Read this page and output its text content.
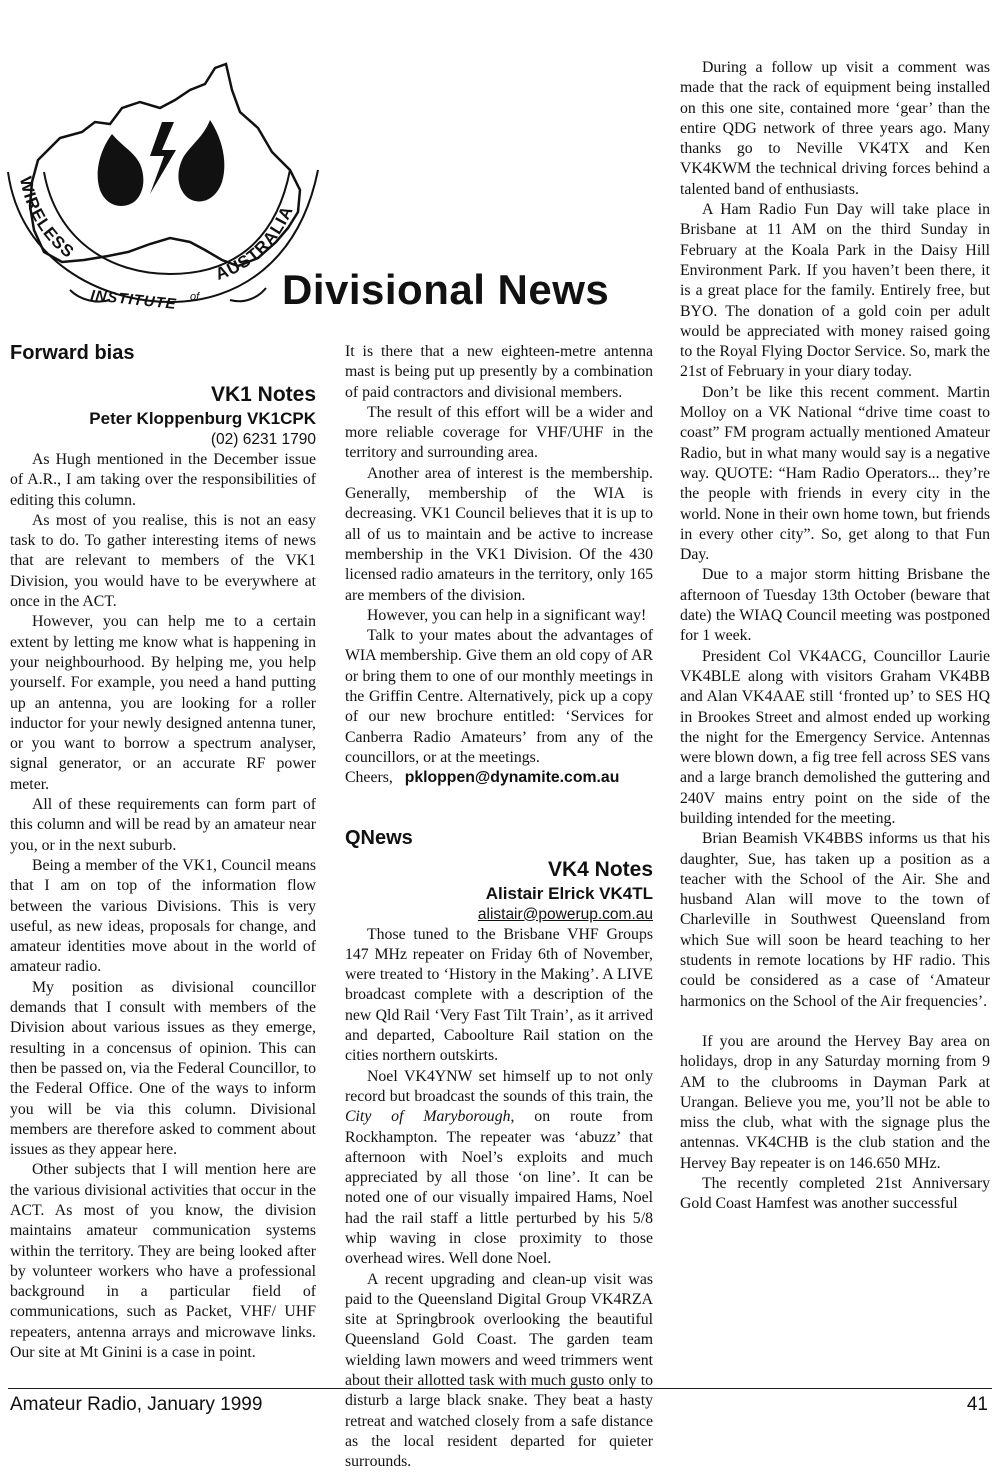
WIRELESS
AUSTRALIA
INSTITUTE of Divisional News
Forward bias
VK1 Notes
Peter Kloppenburg VK1CPK
(02) 6231 1790

As Hugh mentioned in the December issue of A.R., I am taking over the responsibilities of editing this column.

As most of you realise, this is not an easy task to do. To gather interesting items of news that are relevant to members of the VK1 Division, you would have to be everywhere at once in the ACT.

However, you can help me to a certain extent by letting me know what is happening in your neighbourhood. By helping me, you help yourself. For example, you need a hand putting up an antenna, you are looking for a roller inductor for your newly designed antenna tuner, or you want to borrow a spectrum analyser, signal generator, or an accurate RF power meter.

All of these requirements can form part of this column and will be read by an amateur near you, or in the next suburb.

Being a member of the VK1, Council means that I am on top of the information flow between the various Divisions. This is very useful, as new ideas, proposals for change, and amateur identities move about in the world of amateur radio.

My position as divisional councillor demands that I consult with members of the Division about various issues as they emerge, resulting in a concensus of opinion. This can then be passed on, via the Federal Councillor, to the Federal Office. One of the ways to inform you will be via this column. Divisional members are therefore asked to comment about issues as they appear here.

Other subjects that I will mention here are the various divisional activities that occur in the ACT. As most of you know, the division maintains amateur communication systems within the territory. They are being looked after by volunteer workers who have a professional background in a particular field of communications, such as Packet, VHF/ UHF repeaters, antenna arrays and microwave links. Our site at Mt Ginini is a case in point.

It is there that a new eighteen-metre antenna mast is being put up presently by a combination of paid contractors and divisional members.

The result of this effort will be a wider and more reliable coverage for VHF/UHF in the territory and surrounding area.

Another area of interest is the membership. Generally, membership of the WIA is decreasing. VK1 Council believes that it is up to all of us to maintain and be active to increase membership in the VK1 Division. Of the 430 licensed radio amateurs in the territory, only 165 are members of the division.

However, you can help in a significant way!

Talk to your mates about the advantages of WIA membership. Give them an old copy of AR or bring them to one of our monthly meetings in the Griffin Centre. Alternatively, pick up a copy of our new brochure entitled: ‘Services for Canberra Radio Amateurs’ from any of the councillors, or at the meetings.

Cheers, pkloppen@dynamite.com.au

QNews
VK4 Notes
Alistair Elrick VK4TL
alistair@powerup.com.au

Those tuned to the Brisbane VHF Groups 147 MHz repeater on Friday 6th of November, were treated to ‘History in the Making’. A LIVE broadcast complete with a description of the new Qld Rail ‘Very Fast Tilt Train’, as it arrived and departed, Caboolture Rail station on the cities northern outskirts.

Noel VK4YNW set himself up to not only record but broadcast the sounds of this train, the City of Maryborough, on route from Rockhampton. The repeater was ‘abuzz’ that afternoon with Noel’s exploits and much appreciated by all those ‘on line’. It can be noted one of our visually impaired Hams, Noel had the rail staff a little perturbed by his 5/8 whip waving in close proximity to those overhead wires. Well done Noel.

A recent upgrading and clean-up visit was paid to the Queensland Digital Group VK4RZA site at Springbrook overlooking the beautiful Queensland Gold Coast. The garden team wielding lawn mowers and weed trimmers went about their allotted task with much gusto only to disturb a large black snake. They beat a hasty retreat and watched closely from a safe distance as the local resident departed for quieter surrounds.

During a follow up visit a comment was made that the rack of equipment being installed on this one site, contained more ‘gear’ than the entire QDG network of three years ago. Many thanks go to Neville VK4TX and Ken VK4KWM the technical driving forces behind a talented band of enthusiasts.

A Ham Radio Fun Day will take place in Brisbane at 11 AM on the third Sunday in February at the Koala Park in the Daisy Hill Environment Park. If you haven’t been there, it is a great place for the family. Entirely free, but BYO. The donation of a gold coin per adult would be appreciated with money raised going to the Royal Flying Doctor Service. So, mark the 21st of February in your diary today.

Don’t be like this recent comment. Martin Molloy on a VK National “drive time coast to coast” FM program actually mentioned Amateur Radio, but in what many would say is a negative way. QUOTE: “Ham Radio Operators... they’re the people with friends in every city in the world. None in their own home town, but friends in every other city”. So, get along to that Fun Day.

Due to a major storm hitting Brisbane the afternoon of Tuesday 13th October (beware that date) the WIAQ Council meeting was postponed for 1 week.

President Col VK4ACG, Councillor Laurie VK4BLE along with visitors Graham VK4BB and Alan VK4AAE still ‘fronted up’ to SES HQ in Brookes Street and almost ended up working the night for the Emergency Service. Antennas were blown down, a fig tree fell across SES vans and a large branch demolished the guttering and 240V mains entry point on the side of the building intended for the meeting.

Brian Beamish VK4BBS informs us that his daughter, Sue, has taken up a position as a teacher with the School of the Air. She and husband Alan will move to the town of Charleville in Southwest Queensland from which Sue will soon be heard teaching to her students in remote locations by HF radio. This could be considered as a case of ‘Amateur harmonics on the School of the Air frequencies’.

If you are around the Hervey Bay area on holidays, drop in any Saturday morning from 9 AM to the clubrooms in Dayman Park at Urangan. Believe you me, you’ll not be able to miss the club, what with the signage plus the antennas. VK4CHB is the club station and the Hervey Bay repeater is on 146.650 MHz.

The recently completed 21st Anniversary Gold Coast Hamfest was another successful

Amateur Radio, January 1999	41
